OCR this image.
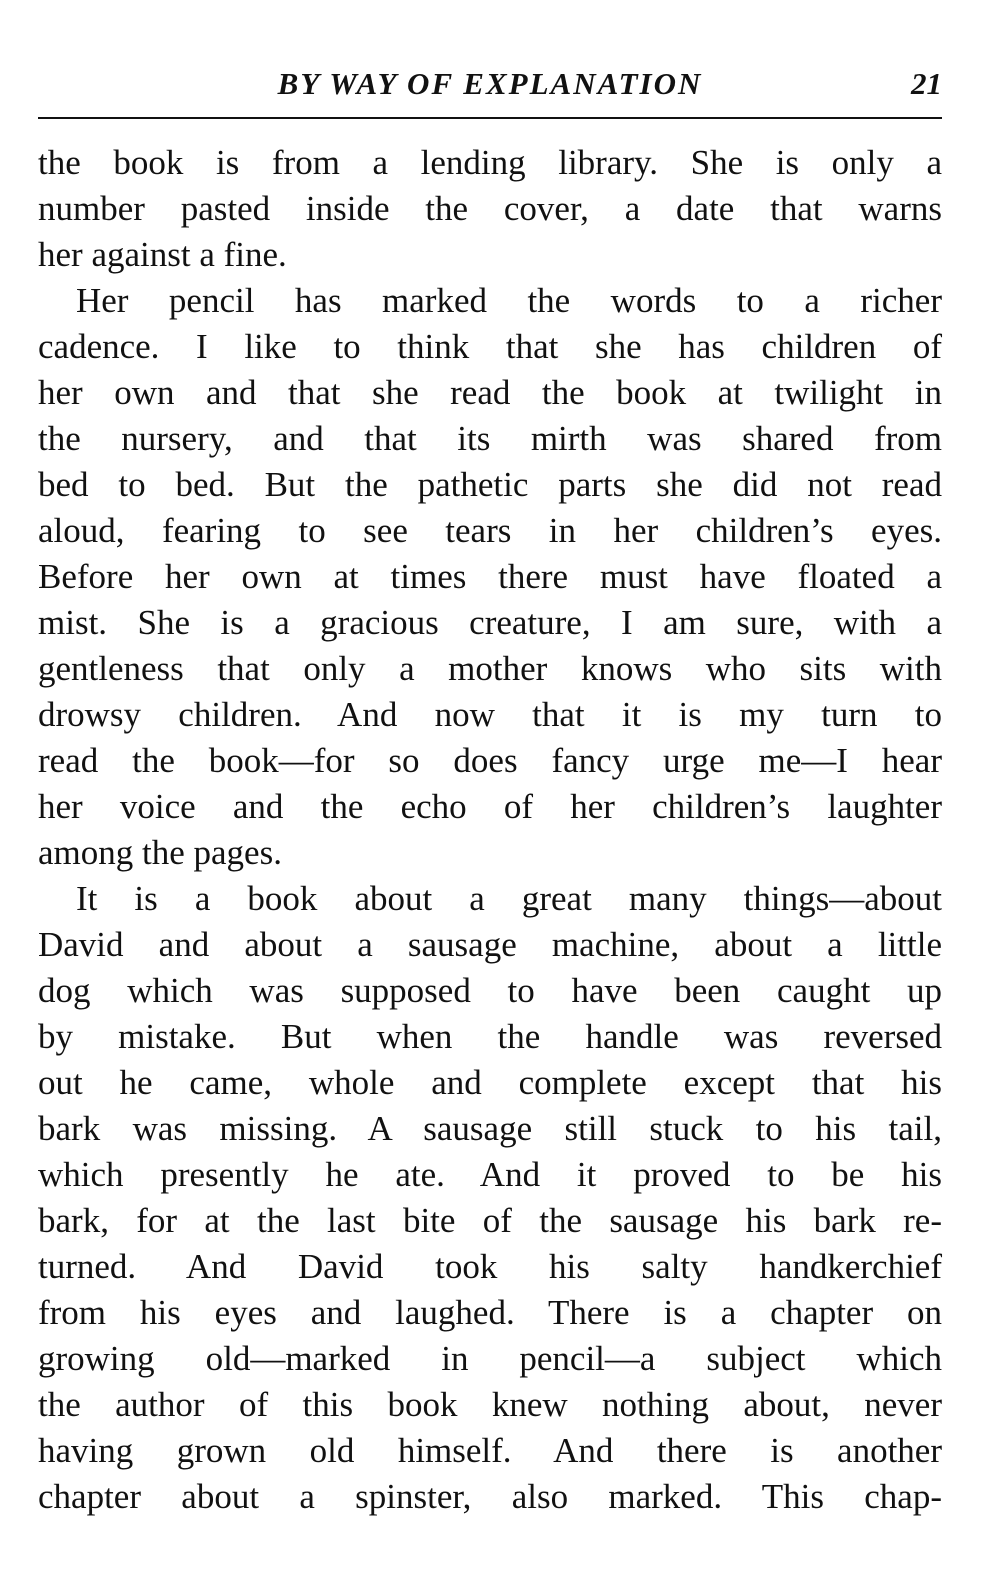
BY WAY OF EXPLANATION	21

the book is from a lending library. She is only a
number pasted inside the cover, a date that warns
her against a fine.

Her pencil has marked the words to a richer
cadence. I like to think that she has children of
her own and that she read the book at twilight in
the nursery, and that its mirth was shared from
bed to bed. But the pathetic parts she did not read
aloud, fearing to see tears in her children’s eyes.
Before her own at times there must have floated a
mist. She is a gracious creature, I am sure, with a
gentleness that only a mother knows who sits with
drowsy children. And now that it is my turn to
read the book—for so does fancy urge me—I hear
her voice and the echo of her children’s laughter
among the pages.

It is a book about a great many things—about
David and about a sausage machine, about a little
dog which was supposed to have been caught up
by mistake. But when the handle was reversed
out he came, whole and complete except that his
bark was missing. A sausage still stuck to his tail,
which presently he ate. And it proved to be his
bark, for at the last bite of the sausage his bark re-
turned. And David took his salty handkerchief
from his eyes and laughed. There is a chapter on
growing old—marked in pencil—a subject which
the author of this book knew nothing about, never
having grown old himself. And there is another
chapter about a spinster, also marked. This chap-
